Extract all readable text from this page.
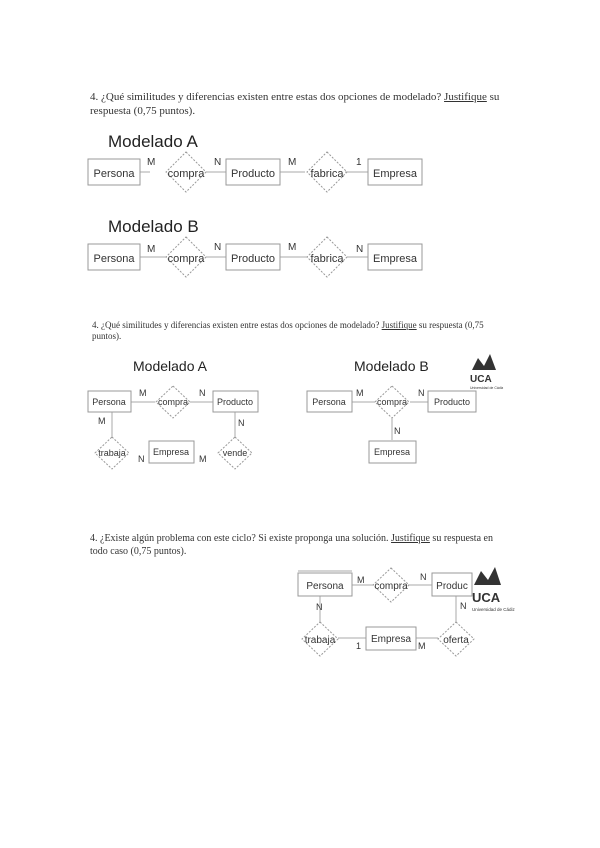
4. ¿Qué similitudes y diferencias existen entre estas dos opciones de modelado? Justifique su respuesta (0,75 puntos).
4. ¿Qué similitudes y diferencias existen entre estas dos opciones de modelado? Justifique su respuesta (0,75 puntos).
4. ¿Existe algún problema con este ciclo? Si existe proponga una solución. Justifique su respuesta en todo caso (0,75 puntos).
Modelado A
Modelado B
Modelado A	Modelado B
Persona	Producto	Empresa
compra	fabrica
M	N	M	1
Persona	Producto	Empresa
compra	fabrica
M	N	M	N
Persona	Producto
Empresa
compra
trabaja	vende
M	N
M
N
N
M
Persona	Producto
Empresa
compra
M	N
N
Persona	Produc
Empresa
compra
trabaja	oferta
M	N
N	N
1	M
UCA
Universidad de Cádiz
UCA
Universidad de Cádiz
